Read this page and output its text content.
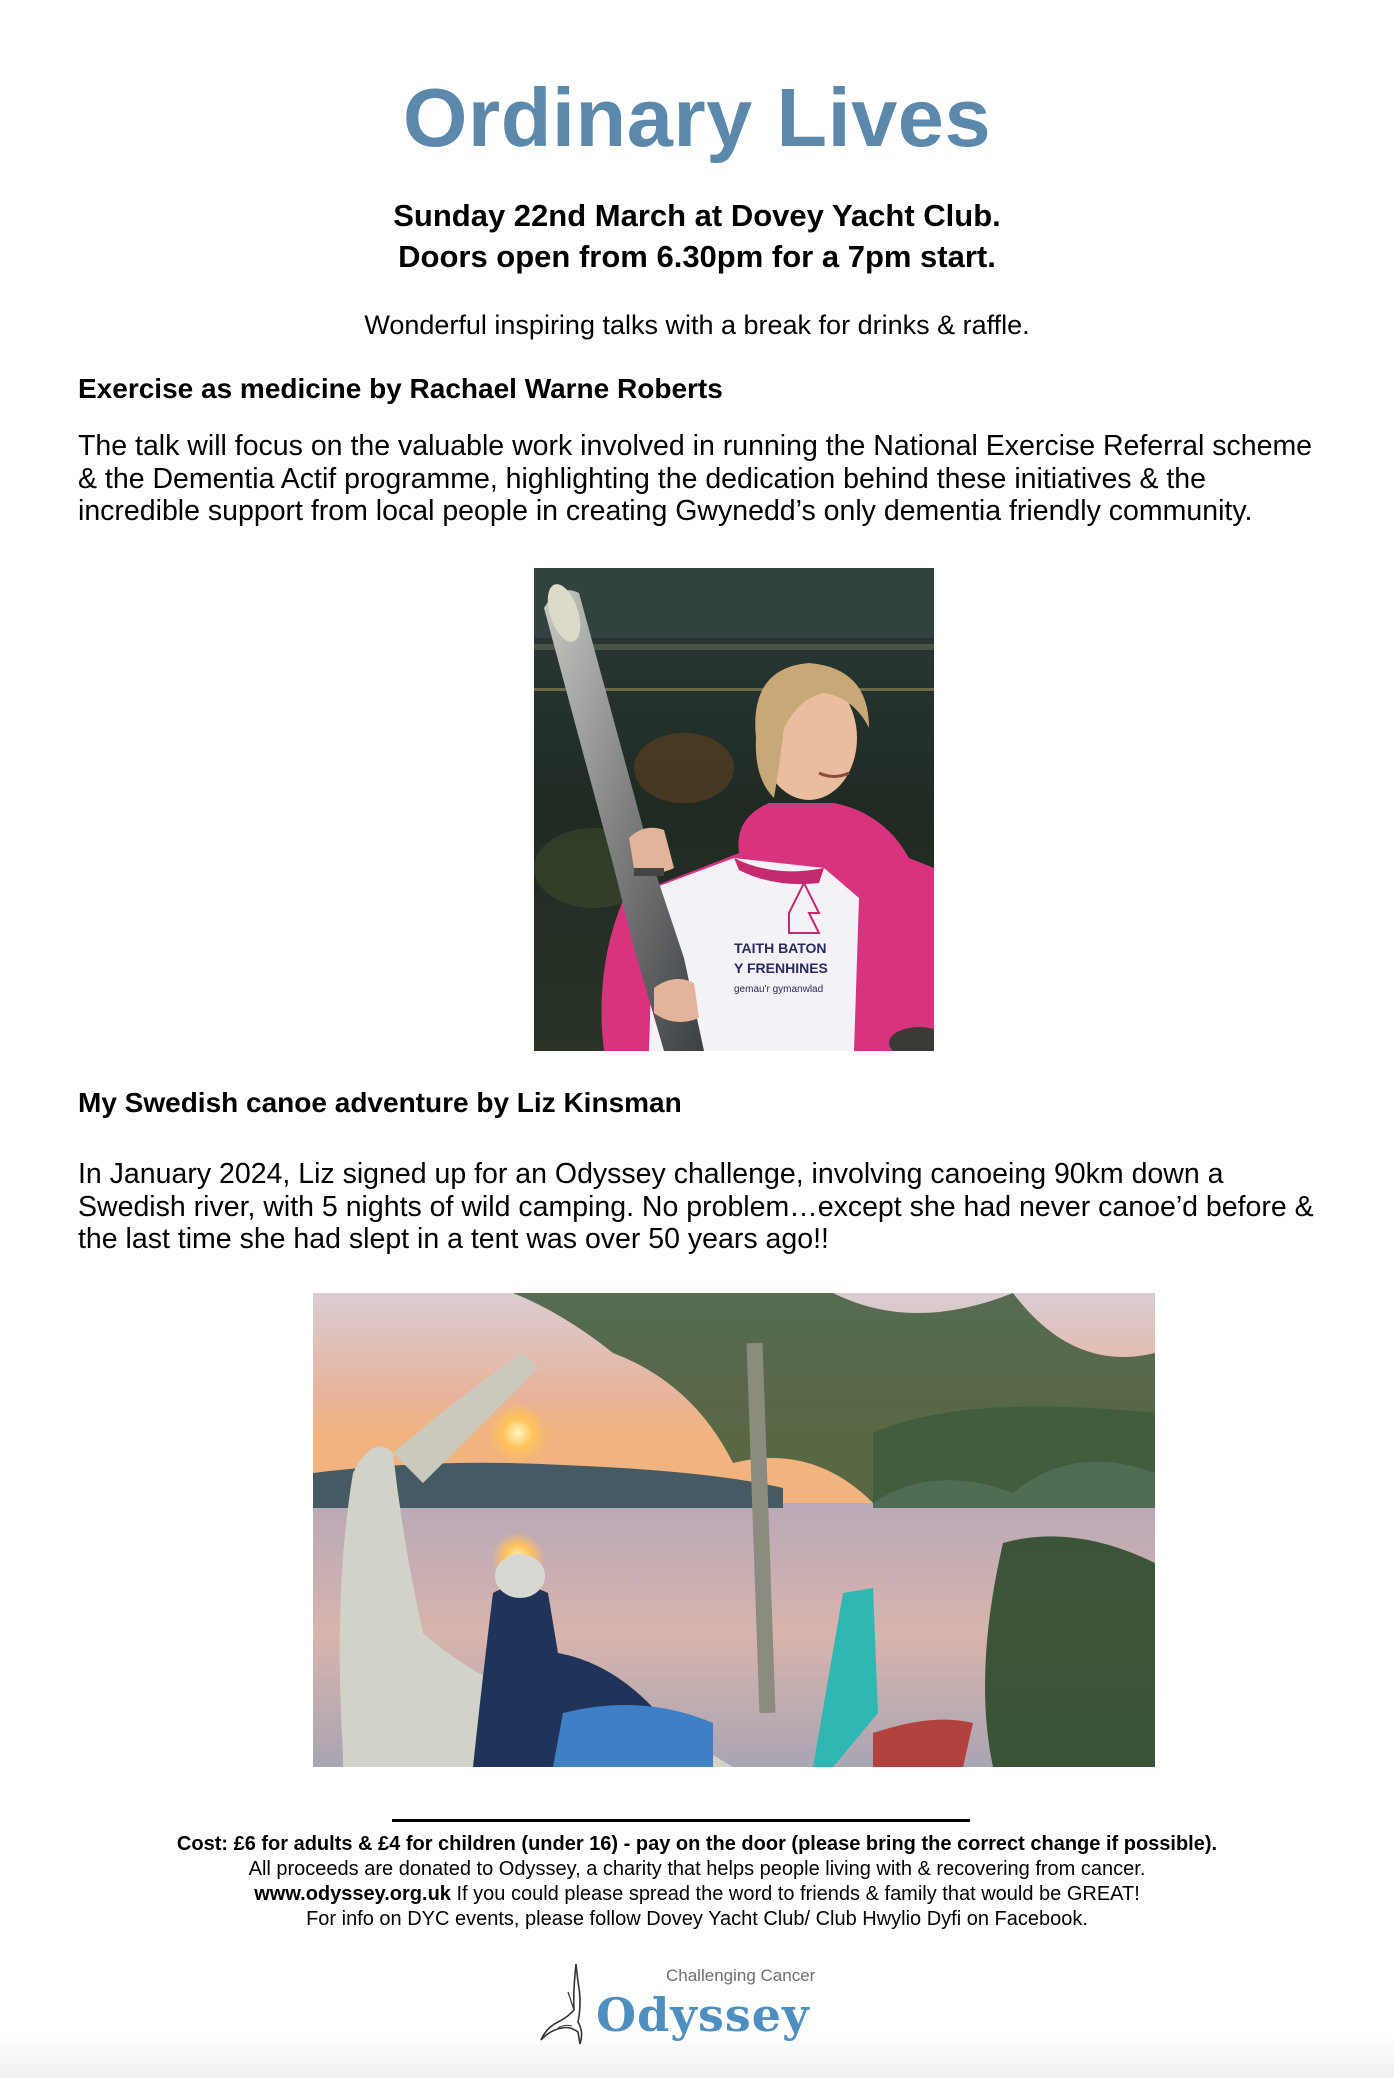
Ordinary Lives
Sunday 22nd March at Dovey Yacht Club.
Doors open from 6.30pm for a 7pm start.
Wonderful inspiring talks with a break for drinks & raffle.
Exercise as medicine by Rachael Warne Roberts
The talk will focus on the valuable work involved in running the National Exercise Referral scheme & the Dementia Actif programme, highlighting the dedication behind these initiatives & the incredible support from local people in creating Gwynedd’s only dementia friendly community.
TAITH BATON
Y FRENHINES
gemau'r gymanwlad
My Swedish canoe adventure by Liz Kinsman
In January 2024, Liz signed up for an Odyssey challenge, involving canoeing 90km down a Swedish river, with 5 nights of wild camping. No problem…except she had never canoe’d before & the last time she had slept in a tent was over 50 years ago!!
Cost: £6 for adults & £4 for children (under 16) - pay on the door (please bring the correct change if possible).
All proceeds are donated to Odyssey, a charity that helps people living with & recovering from cancer.
www.odyssey.org.uk If you could please spread the word to friends & family that would be GREAT!
For info on DYC events, please follow Dovey Yacht Club/ Club Hwylio Dyfi on Facebook.
Challenging Cancer
Odyssey
